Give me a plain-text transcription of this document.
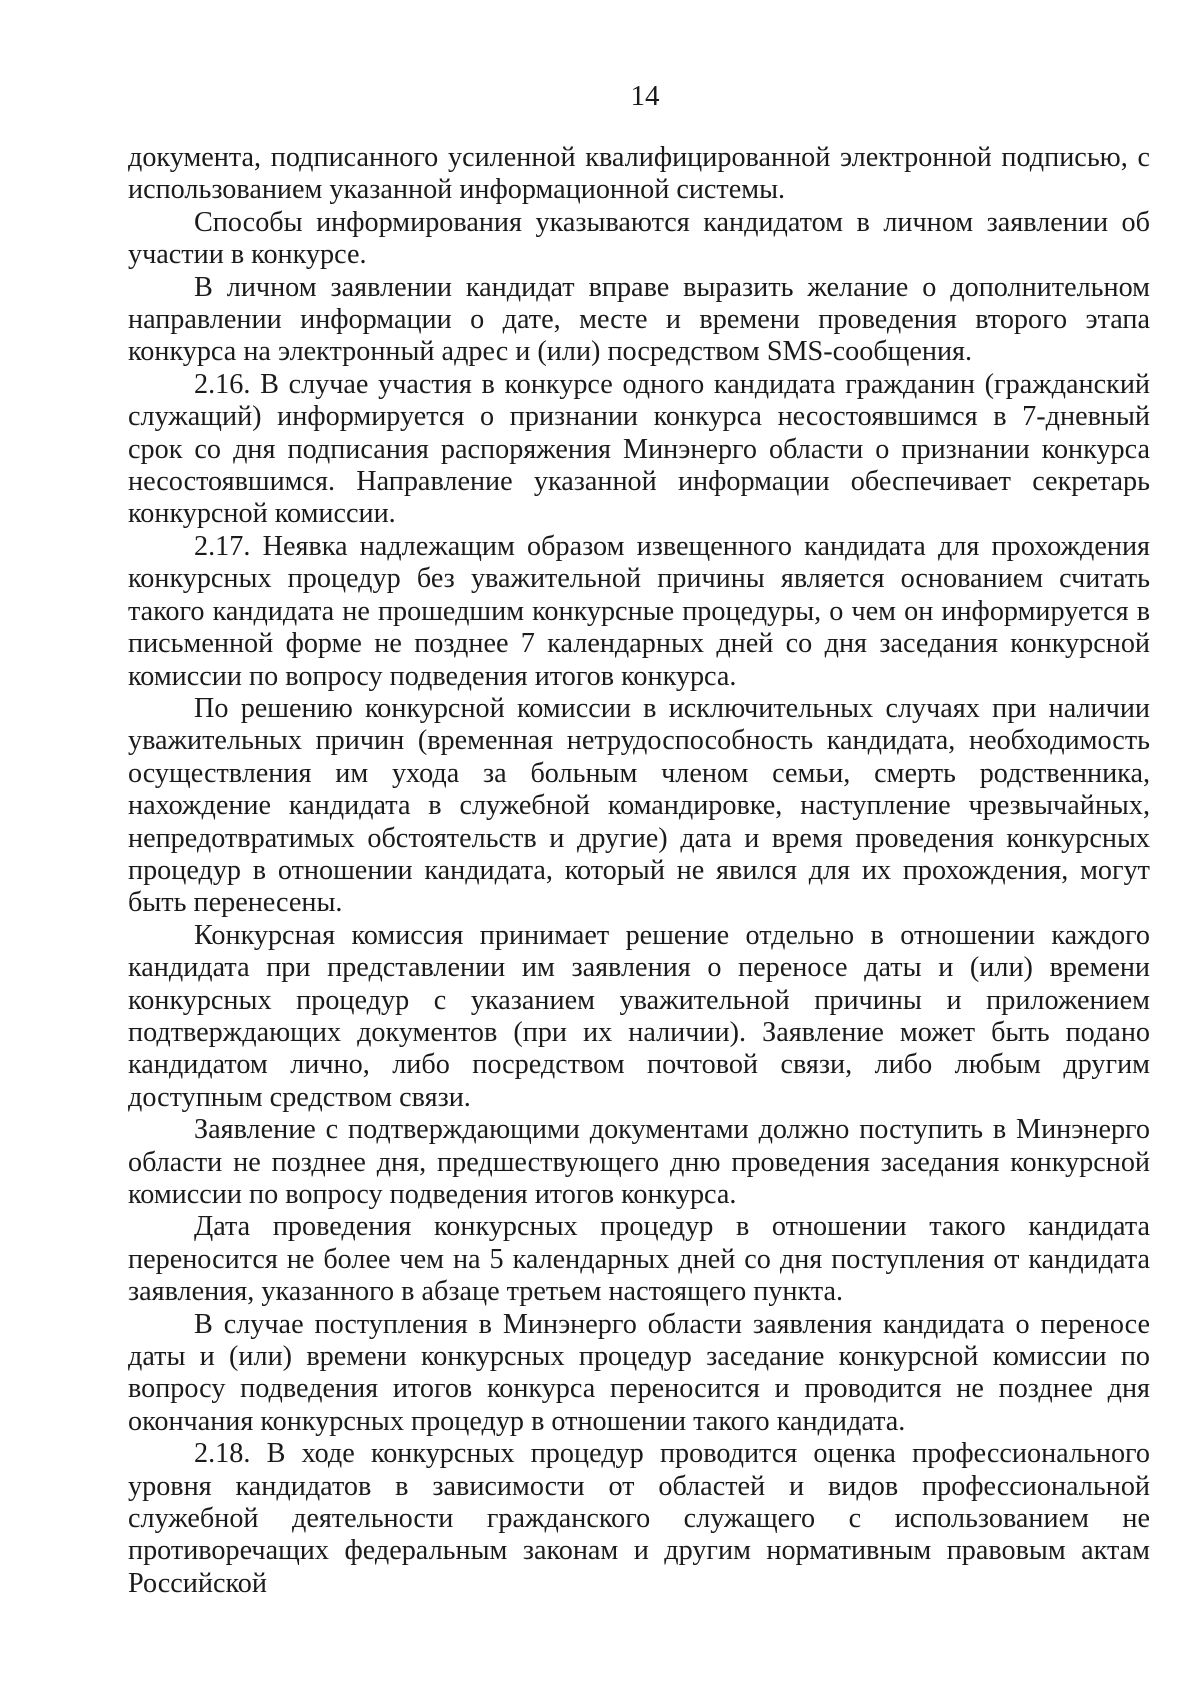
14

документа, подписанного усиленной квалифицированной электронной подписью, с использованием указанной информационной системы.

Способы информирования указываются кандидатом в личном заявлении об участии в конкурсе.

В личном заявлении кандидат вправе выразить желание о дополнительном направлении информации о дате, месте и времени проведения второго этапа конкурса на электронный адрес и (или) посредством SMS-сообщения.

2.16. В случае участия в конкурсе одного кандидата гражданин (гражданский служащий) информируется о признании конкурса несостоявшимся в 7-дневный срок со дня подписания распоряжения Минэнерго области о признании конкурса несостоявшимся. Направление указанной информации обеспечивает секретарь конкурсной комиссии.

2.17. Неявка надлежащим образом извещенного кандидата для прохождения конкурсных процедур без уважительной причины является основанием считать такого кандидата не прошедшим конкурсные процедуры, о чем он информируется в письменной форме не позднее 7 календарных дней со дня заседания конкурсной комиссии по вопросу подведения итогов конкурса.

По решению конкурсной комиссии в исключительных случаях при наличии уважительных причин (временная нетрудоспособность кандидата, необходимость осуществления им ухода за больным членом семьи, смерть родственника, нахождение кандидата в служебной командировке, наступление чрезвычайных, непредотвратимых обстоятельств и другие) дата и время проведения конкурсных процедур в отношении кандидата, который не явился для их прохождения, могут быть перенесены.

Конкурсная комиссия принимает решение отдельно в отношении каждого кандидата при представлении им заявления о переносе даты и (или) времени конкурсных процедур с указанием уважительной причины и приложением подтверждающих документов (при их наличии). Заявление может быть подано кандидатом лично, либо посредством почтовой связи, либо любым другим доступным средством связи.

Заявление с подтверждающими документами должно поступить в Минэнерго области не позднее дня, предшествующего дню проведения заседания конкурсной комиссии по вопросу подведения итогов конкурса.

Дата проведения конкурсных процедур в отношении такого кандидата переносится не более чем на 5 календарных дней со дня поступления от кандидата заявления, указанного в абзаце третьем настоящего пункта.

В случае поступления в Минэнерго области заявления кандидата о переносе даты и (или) времени конкурсных процедур заседание конкурсной комиссии по вопросу подведения итогов конкурса переносится и проводится не позднее дня окончания конкурсных процедур в отношении такого кандидата.

2.18. В ходе конкурсных процедур проводится оценка профессионального уровня кандидатов в зависимости от областей и видов профессиональной служебной деятельности гражданского служащего с использованием не противоречащих федеральным законам и другим нормативным правовым актам Российской
